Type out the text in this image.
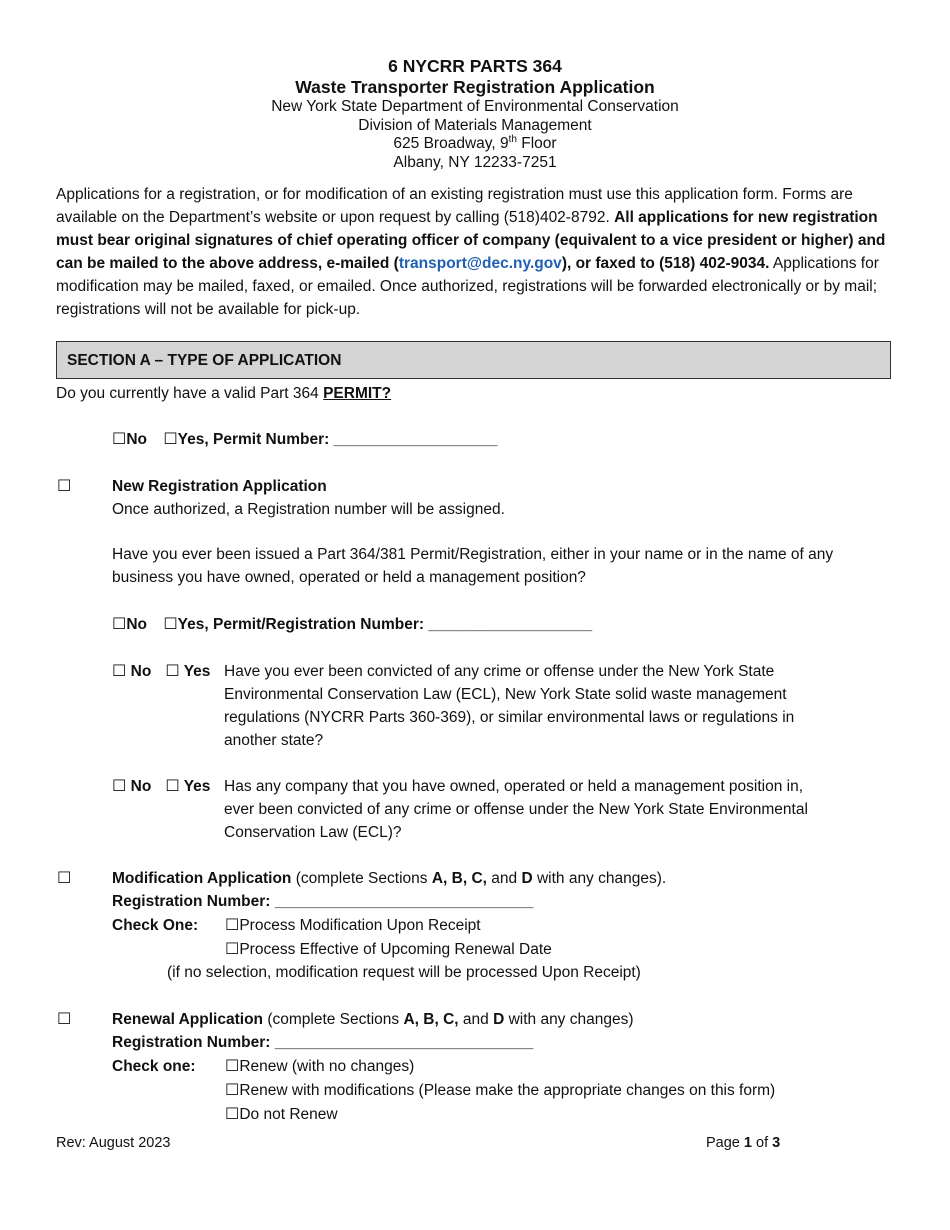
6 NYCRR PARTS 364
Waste Transporter Registration Application
New York State Department of Environmental Conservation
Division of Materials Management
625 Broadway, 9th Floor
Albany, NY 12233-7251
Applications for a registration, or for modification of an existing registration must use this application form. Forms are available on the Department’s website or upon request by calling (518)402-8792. All applications for new registration must bear original signatures of chief operating officer of company (equivalent to a vice president or higher) and can be mailed to the above address, e-mailed (transport@dec.ny.gov), or faxed to (518) 402-9034. Applications for modification may be mailed, faxed, or emailed. Once authorized, registrations will be forwarded electronically or by mail; registrations will not be available for pick-up.
SECTION A – TYPE OF APPLICATION
Do you currently have a valid Part 364 PERMIT?
☐No ☐Yes, Permit Number: ___________________
☐	New Registration Application
Once authorized, a Registration number will be assigned.
Have you ever been issued a Part 364/381 Permit/Registration, either in your name or in the name of any business you have owned, operated or held a management position?
☐No ☐Yes, Permit/Registration Number: ___________________
☐ No ☐ Yes Have you ever been convicted of any crime or offense under the New York State
Environmental Conservation Law (ECL), New York State solid waste management
regulations (NYCRR Parts 360-369), or similar environmental laws or regulations in
another state?
☐ No ☐ Yes Has any company that you have owned, operated or held a management position in,
ever been convicted of any crime or offense under the New York State Environmental
Conservation Law (ECL)?
☐	Modification Application (complete Sections A, B, C, and D with any changes).
Registration Number: ______________________________
Check One: ☐Process Modification Upon Receipt
☐Process Effective of Upcoming Renewal Date
(if no selection, modification request will be processed Upon Receipt)
☐	Renewal Application (complete Sections A, B, C, and D with any changes)
Registration Number: ______________________________
Check one: ☐Renew (with no changes)
☐Renew with modifications (Please make the appropriate changes on this form)
☐Do not Renew
Rev: August 2023	Page 1 of 3
